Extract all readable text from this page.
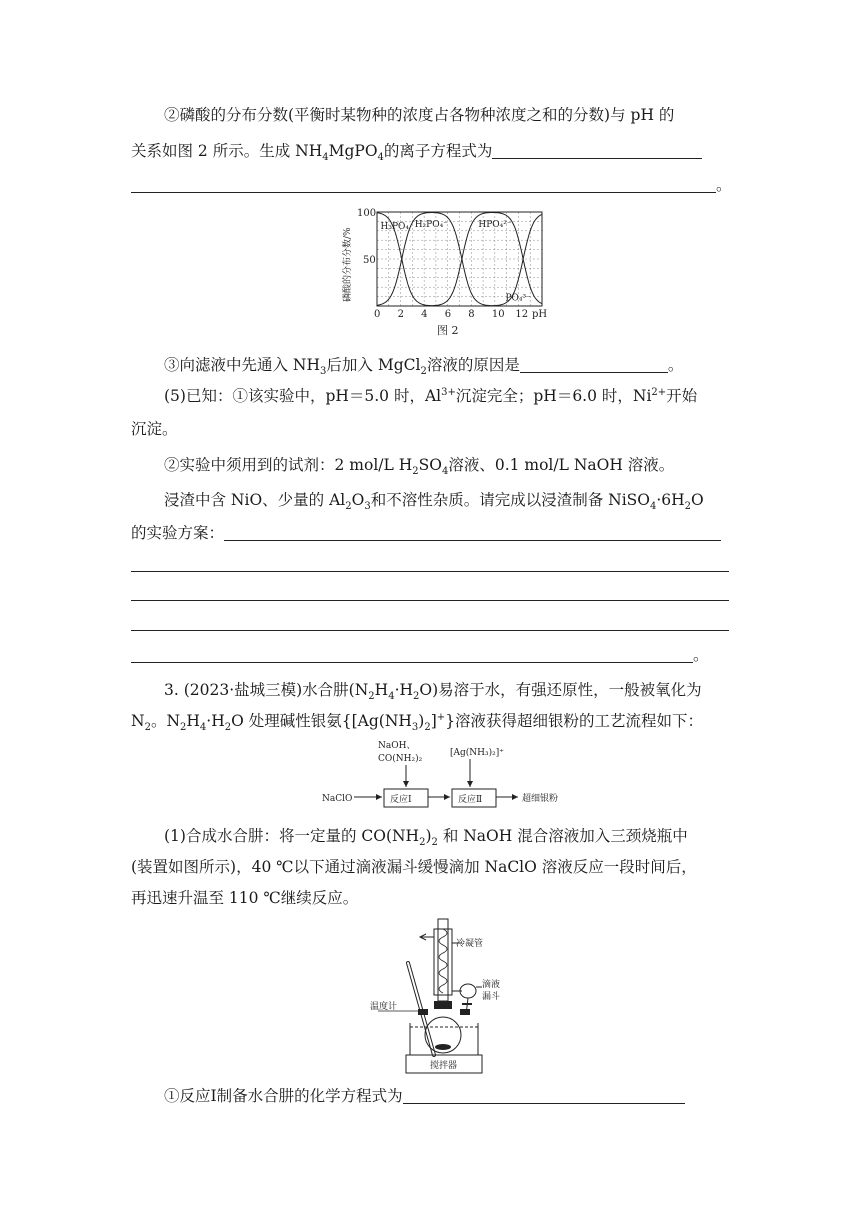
②磷酸的分布分数(平衡时某物种的浓度占各物种浓度之和的分数)与 pH 的
关系如图 2 所示。生成 $NH_4MgPO_4$的离子方程式为
。
H₃PO₄ H₂PO₄⁻	HPO₄²⁻
PO₄³⁻
0 2 4 6 8 10 12
50
100
磷酸的分布分数/%
pH
图 2
③向滤液中先通入 $NH_3$后加入 MgCl$_2$溶液的原因是	。
(5)已知：①该实验中，pH＝5.0 时，$Al^{3+}$沉淀完全；pH＝6.0 时，$Ni^{2+}$开始
沉淀。
②实验中须用到的试剂：2 mol/L $H_2SO_4$溶液、0.1 mol/L NaOH 溶液。
浸渣中含 NiO、少量的 $Al_2O_3$和不溶性杂质。请完成以浸渣制备 $NiSO_4\cdot 6H_2O$
的实验方案：
。
3. (2023·盐城三模)水合肼$(N_2H_4\cdot H_2O)$易溶于水，有强还原性，一般被氧化为
$N_2$。$N_2H_4\cdot H_2O$ 处理碱性银氨$\{[Ag(NH_3)_2]^+\}$溶液获得超细银粉的工艺流程如下：
NaOH、
CO(NH₂)₂
[Ag(NH₃)₂]⁺
NaClO	反应Ⅰ	反应Ⅱ	超细银粉
(1)合成水合肼：将一定量的 $CO(NH_2)_2$ 和 NaOH 混合溶液加入三颈烧瓶中
(装置如图所示)，40 ℃以下通过滴液漏斗缓慢滴加 NaClO 溶液反应一段时间后，
再迅速升温至 110 ℃继续反应。
冷凝管
滴液
漏斗
温度计
搅拌器
①反应Ⅰ制备水合肼的化学方程式为
